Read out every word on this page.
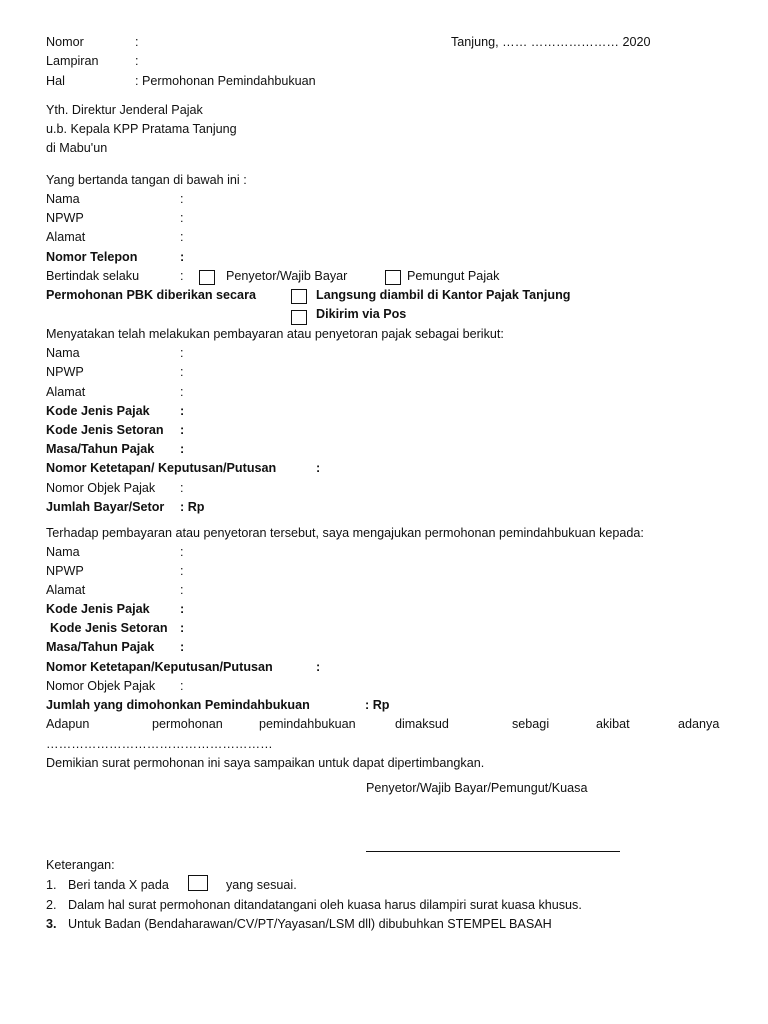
Nomor	:	Tanjung, …… ………………… 2020
Lampiran	:
Hal	: Permohonan Pemindahbukuan
Yth. Direktur Jenderal Pajak
u.b. Kepala KPP Pratama Tanjung
di Mabu'un
Yang bertanda tangan di bawah ini :
Nama	:
NPWP	:
Alamat	:
Nomor Telepon	:
Bertindak selaku	:	Penyetor/Wajib Bayar	Pemungut Pajak
Permohonan PBK diberikan secara	Langsung diambil di Kantor Pajak Tanjung
Dikirim via Pos
Menyatakan telah melakukan pembayaran atau penyetoran pajak sebagai berikut:
Nama	:
NPWP	:
Alamat	:
Kode Jenis Pajak :
Kode Jenis Setoran :
Masa/Tahun Pajak :
Nomor Ketetapan/ Keputusan/Putusan	:
Nomor Objek Pajak :
Jumlah Bayar/Setor : Rp
Terhadap pembayaran atau penyetoran tersebut, saya mengajukan permohonan pemindahbukuan kepada:
Nama	:
NPWP	:
Alamat	:
Kode Jenis Pajak :
Kode Jenis Setoran :
Masa/Tahun Pajak :
Nomor Ketetapan/Keputusan/Putusan	:
Nomor Objek Pajak :
Jumlah yang dimohonkan Pemindahbukuan	: Rp
Adapun	permohonan	pemindahbukuan	dimaksud	sebagi	akibat	adanya
………………………………………………
Demikian surat permohonan ini saya sampaikan untuk dapat dipertimbangkan.
Penyetor/Wajib Bayar/Pemungut/Kuasa
Keterangan:
1. Beri tanda X pada	yang sesuai.
2. Dalam hal surat permohonan ditandatangani oleh kuasa harus dilampiri surat kuasa khusus.
3. Untuk Badan (Bendaharawan/CV/PT/Yayasan/LSM dll) dibubuhkan STEMPEL BASAH
